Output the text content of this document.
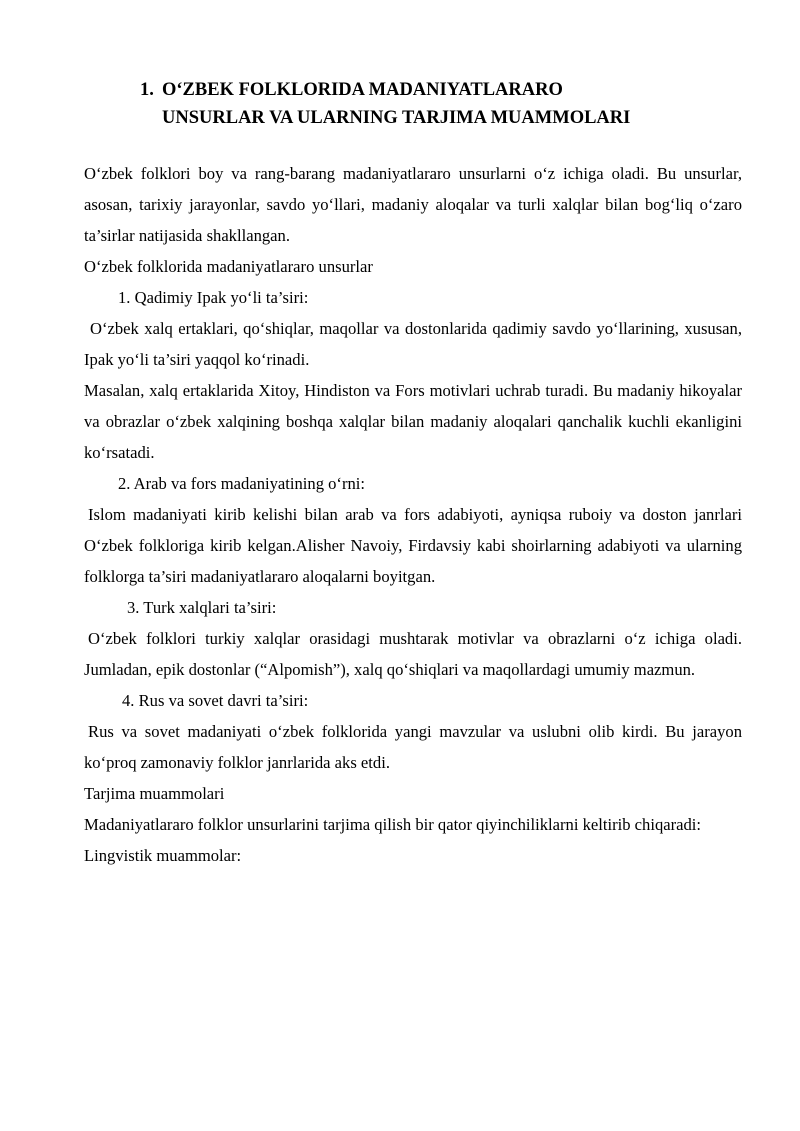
1. O‘ZBEK FOLKLORIDA MADANIYATLARARO
UNSURLAR VA ULARNING TARJIMA MUAMMOLARI

O‘zbek folklori boy va rang-barang madaniyatlararo unsurlarni o‘z ichiga oladi. Bu unsurlar, asosan, tarixiy jarayonlar, savdo yo‘llari, madaniy aloqalar va turli xalqlar bilan bog‘liq o‘zaro ta’sirlar natijasida shakllangan.

O‘zbek folklorida madaniyatlararo unsurlar

1. Qadimiy Ipak yo‘li ta’siri:

O‘zbek xalq ertaklari, qo‘shiqlar, maqollar va dostonlarida qadimiy savdo yo‘llarining, xususan, Ipak yo‘li ta’siri yaqqol ko‘rinadi.

Masalan, xalq ertaklarida Xitoy, Hindiston va Fors motivlari uchrab turadi. Bu madaniy hikoyalar va obrazlar o‘zbek xalqining boshqa xalqlar bilan madaniy aloqalari qanchalik kuchli ekanligini ko‘rsatadi.

2. Arab va fors madaniyatining o‘rni:

Islom madaniyati kirib kelishi bilan arab va fors adabiyoti, ayniqsa ruboiy va doston janrlari O‘zbek folkloriga kirib kelgan.Alisher Navoiy, Firdavsiy kabi shoirlarning adabiyoti va ularning folklorga ta’siri madaniyatlararo aloqalarni boyitgan.

3. Turk xalqlari ta’siri:

O‘zbek folklori turkiy xalqlar orasidagi mushtarak motivlar va obrazlarni o‘z ichiga oladi. Jumladan, epik dostonlar (“Alpomish”), xalq qo‘shiqlari va maqollardagi umumiy mazmun.

4. Rus va sovet davri ta’siri:

Rus va sovet madaniyati o‘zbek folklorida yangi mavzular va uslubni olib kirdi. Bu jarayon ko‘proq zamonaviy folklor janrlarida aks etdi.

Tarjima muammolari

Madaniyatlararo folklor unsurlarini tarjima qilish bir qator qiyinchiliklarni keltirib chiqaradi:

Lingvistik muammolar:
